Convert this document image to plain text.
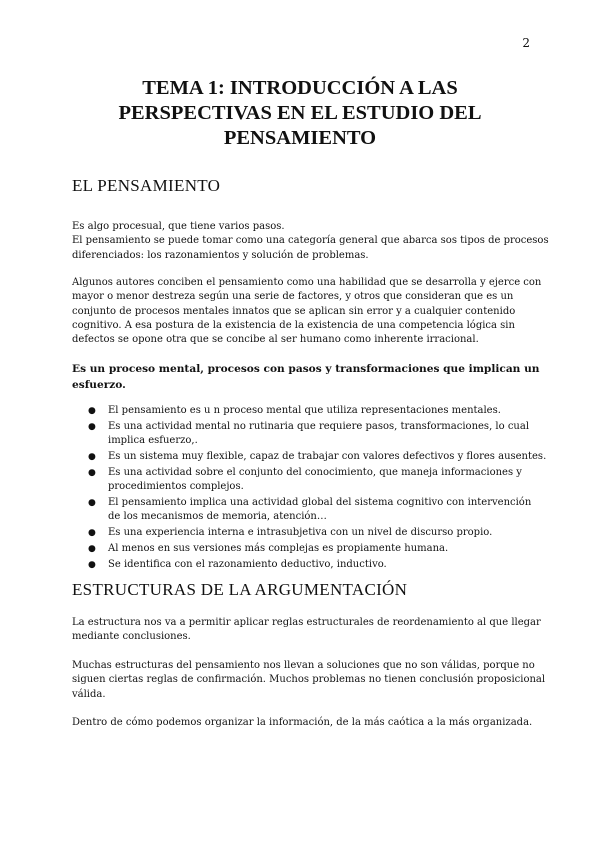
2
TEMA 1: INTRODUCCIÓN A LAS
PERSPECTIVAS EN EL ESTUDIO DEL
PENSAMIENTO
EL PENSAMIENTO

Es algo procesual, que tiene varios pasos.
El pensamiento se puede tomar como una categoría general que abarca sos tipos de procesos
diferenciados: los razonamientos y solución de problemas.

Algunos autores conciben el pensamiento como una habilidad que se desarrolla y ejerce con
mayor o menor destreza según una serie de factores, y otros que consideran que es un
conjunto de procesos mentales innatos que se aplican sin error y a cualquier contenido
cognitivo. A esa postura de la existencia de la existencia de una competencia lógica sin
defectos se opone otra que se concibe al ser humano como inherente irracional.

Es un proceso mental, procesos con pasos y transformaciones que implican un
esfuerzo.

● El pensamiento es u n proceso mental que utiliza representaciones mentales.
● Es una actividad mental no rutinaria que requiere pasos, transformaciones, lo cual
implica esfuerzo,.
● Es un sistema muy flexible, capaz de trabajar con valores defectivos y flores ausentes.
● Es una actividad sobre el conjunto del conocimiento, que maneja informaciones y
procedimientos complejos.
● El pensamiento implica una actividad global del sistema cognitivo con intervención
de los mecanismos de memoria, atención…
● Es una experiencia interna e intrasubjetiva con un nivel de discurso propio.
● Al menos en sus versiones más complejas es propiamente humana.
● Se identifica con el razonamiento deductivo, inductivo.
ESTRUCTURAS DE LA ARGUMENTACIÓN

La estructura nos va a permitir aplicar reglas estructurales de reordenamiento al que llegar
mediante conclusiones.

Muchas estructuras del pensamiento nos llevan a soluciones que no son válidas, porque no
siguen ciertas reglas de confirmación. Muchos problemas no tienen conclusión proposicional
válida.

Dentro de cómo podemos organizar la información, de la más caótica a la más organizada.
